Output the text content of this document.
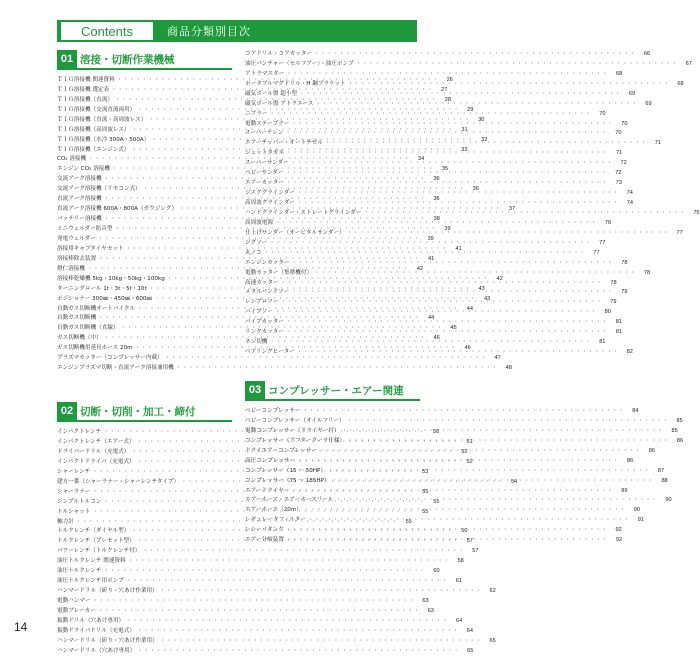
Contents	商品分類別目次
01 溶接・切断作業機械
ＴＩＧ溶接機 関連資料 ・・・・・・・・・・・・・・・・・・・・・・・・・・・・・・・・・・・・・・・・・・・・・・・・・・・・	26
ＴＩＧ溶接機 選定表 ・・・・・・・・・・・・・・・・・・・・・・・・・・・・・・・・・・・・・・・・・・・・・・・・・・・・	27
ＴＩＧ溶接機（直流） ・・・・・・・・・・・・・・・・・・・・・・・・・・・・・・・・・・・・・・・・・・・・・・・・・・・・	28
ＴＩＧ溶接機（交流直流両用） ・・・・・・・・・・・・・・・・・・・・・・・・・・・・・・・・・・・・・・・・・・・・・・・・・・・・	29
ＴＩＧ溶接機（直流・高周波レス） ・・・・・・・・・・・・・・・・・・・・・・・・・・・・・・・・・・・・・・・・・・・・・・・・・・・・	30
ＴＩＧ溶接機（高周波レス） ・・・・・・・・・・・・・・・・・・・・・・・・・・・・・・・・・・・・・・・・・・・・・・・・・・・・	31
ＴＩＧ溶接機（水冷 300A・500A） ・・・・・・・・・・・・・・・・・・・・・・・・・・・・・・・・・・・・・・・・・・・・・・・・・・・・	32
ＴＩＧ溶接機（エンジン式） ・・・・・・・・・・・・・・・・・・・・・・・・・・・・・・・・・・・・・・・・・・・・・・・・・・・・	33
CO₂ 溶接機 ・・・・・・・・・・・・・・・・・・・・・・・・・・・・・・・・・・・・・・・・・・・・・・・・・・・・	34
エンジン CO₂ 溶接機 ・・・・・・・・・・・・・・・・・・・・・・・・・・・・・・・・・・・・・・・・・・・・・・・・・・・・	35
交流アーク溶接機 ・・・・・・・・・・・・・・・・・・・・・・・・・・・・・・・・・・・・・・・・・・・・・・・・・・・・	36
交流アーク溶接機（リモコン式） ・・・・・・・・・・・・・・・・・・・・・・・・・・・・・・・・・・・・・・・・・・・・・・・・・・・・	36
直流アーク溶接機 ・・・・・・・・・・・・・・・・・・・・・・・・・・・・・・・・・・・・・・・・・・・・・・・・・・・・	36
直流アーク溶接機 600A・800A（ガウジング） ・・・・・・・・・・・・・・・・・・・・・・・・・・・・・・・・・・・・・・・・・・・・・・・・・・・・	37
バッテリー溶接機 ・・・・・・・・・・・・・・・・・・・・・・・・・・・・・・・・・・・・・・・・・・・・・・・・・・・・	38
ミニウェルダー防音型 ・・・・・・・・・・・・・・・・・・・・・・・・・・・・・・・・・・・・・・・・・・・・・・・・・・・・	39
発電ウェルダー ・・・・・・・・・・・・・・・・・・・・・・・・・・・・・・・・・・・・・・・・・・・・・・・・・・・・	39
溶接用キャブタイヤセット ・・・・・・・・・・・・・・・・・・・・・・・・・・・・・・・・・・・・・・・・・・・・・・・・・・・・	41
溶接棒除去装置 ・・・・・・・・・・・・・・・・・・・・・・・・・・・・・・・・・・・・・・・・・・・・・・・・・・・・	41
燈仁溶接機 ・・・・・・・・・・・・・・・・・・・・・・・・・・・・・・・・・・・・・・・・・・・・・・・・・・・・	42
溶接棒乾燥機 5kg・10kg・50kg・100kg ・・・・・・・・・・・・・・・・・・・・・・・・・・・・・・・・・・・・・・・・・・・・・・・・・・・・	42
ターニングロール 1t・3t・5t・10t ・・・・・・・・・・・・・・・・・・・・・・・・・・・・・・・・・・・・・・・・・・・・・・・・・・・・	43
ポジショナー 300㎜・450㎜・600㎜ ・・・・・・・・・・・・・・・・・・・・・・・・・・・・・・・・・・・・・・・・・・・・・・・・・・・・	43
自動ガス切断機オートバイクル ・・・・・・・・・・・・・・・・・・・・・・・・・・・・・・・・・・・・・・・・・・・・・・・・・・・・	44
自動ガス切断機 ・・・・・・・・・・・・・・・・・・・・・・・・・・・・・・・・・・・・・・・・・・・・・・・・・・・・	44
自動ガス切断機（直線） ・・・・・・・・・・・・・・・・・・・・・・・・・・・・・・・・・・・・・・・・・・・・・・・・・・・・	45
ガス切断機（中） ・・・・・・・・・・・・・・・・・・・・・・・・・・・・・・・・・・・・・・・・・・・・・・・・・・・・	46
ガス切断機用延長ホース 20m ・・・・・・・・・・・・・・・・・・・・・・・・・・・・・・・・・・・・・・・・・・・・・・・・・・・・	46
プラズマカッター（コンプレッサー内蔵） ・・・・・・・・・・・・・・・・・・・・・・・・・・・・・・・・・・・・・・・・・・・・・・・・・・・・	47
エンジンプラズマ切断・直流アーク溶接兼用機 ・・・・・・・・・・・・・・・・・・・・・・・・・・・・・・・・・・・・・・・・・・・・・・・・・・・・	48
02 切断・切削・加工・締付
インパクトレンチ ・・・・・・・・・・・・・・・・・・・・・・・・・・・・・・・・・・・・・・・・・・・・・・・・・・・・	50
インパクトレンチ（エアー式） ・・・・・・・・・・・・・・・・・・・・・・・・・・・・・・・・・・・・・・・・・・・・・・・・・・・・	51
ドライバードリル（充電式） ・・・・・・・・・・・・・・・・・・・・・・・・・・・・・・・・・・・・・・・・・・・・・・・・・・・・	52
インパクトドライバ（充電式） ・・・・・・・・・・・・・・・・・・・・・・・・・・・・・・・・・・・・・・・・・・・・・・・・・・・・	52
シャーレンチ ・・・・・・・・・・・・・・・・・・・・・・・・・・・・・・・・・・・・・・・・・・・・・・・・・・・・	53
建方一番（シャーラナー・シャーレンチタイプ） ・・・・・・・・・・・・・・・・・・・・・・・・・・・・・・・・・・・・・・・・・・・・・・・・・・・・	54
シャーラナー ・・・・・・・・・・・・・・・・・・・・・・・・・・・・・・・・・・・・・・・・・・・・・・・・・・・・	55
シンプルトルコン ・・・・・・・・・・・・・・・・・・・・・・・・・・・・・・・・・・・・・・・・・・・・・・・・・・・・	55
トルシャット ・・・・・・・・・・・・・・・・・・・・・・・・・・・・・・・・・・・・・・・・・・・・・・・・・・・・	55
軸力計 ・・・・・・・・・・・・・・・・・・・・・・・・・・・・・・・・・・・・・・・・・・・・・・・・・・・・	55
トルクレンチ（ダイヤル型） ・・・・・・・・・・・・・・・・・・・・・・・・・・・・・・・・・・・・・・・・・・・・・・・・・・・・	56
トルクレンチ（プレセット型） ・・・・・・・・・・・・・・・・・・・・・・・・・・・・・・・・・・・・・・・・・・・・・・・・・・・・	57
パワーレンチ（トルクレンチ付） ・・・・・・・・・・・・・・・・・・・・・・・・・・・・・・・・・・・・・・・・・・・・・・・・・・・・	57
油圧トルクレンチ 関連資料 ・・・・・・・・・・・・・・・・・・・・・・・・・・・・・・・・・・・・・・・・・・・・・・・・・・・・	58
油圧トルクレンチ ・・・・・・・・・・・・・・・・・・・・・・・・・・・・・・・・・・・・・・・・・・・・・・・・・・・・	60
油圧トルクレンチ用ポンプ ・・・・・・・・・・・・・・・・・・・・・・・・・・・・・・・・・・・・・・・・・・・・・・・・・・・・	61
ハンマードリル（斫り・穴あけ作業用） ・・・・・・・・・・・・・・・・・・・・・・・・・・・・・・・・・・・・・・・・・・・・・・・・・・・・	62
電動ハンマー ・・・・・・・・・・・・・・・・・・・・・・・・・・・・・・・・・・・・・・・・・・・・・・・・・・・・	63
電動ブレーカー ・・・・・・・・・・・・・・・・・・・・・・・・・・・・・・・・・・・・・・・・・・・・・・・・・・・・	63
振動ドリル（穴あけ専用） ・・・・・・・・・・・・・・・・・・・・・・・・・・・・・・・・・・・・・・・・・・・・・・・・・・・・	64
振動ドライバドリル（充電式） ・・・・・・・・・・・・・・・・・・・・・・・・・・・・・・・・・・・・・・・・・・・・・・・・・・・・	64
ハンマードリル（斫り・穴あけ作業用） ・・・・・・・・・・・・・・・・・・・・・・・・・・・・・・・・・・・・・・・・・・・・・・・・・・・・	65
ハンマードリル（穴あけ専用） ・・・・・・・・・・・・・・・・・・・・・・・・・・・・・・・・・・・・・・・・・・・・・・・・・・・・	65
コアドリル・コアカッター ・・・・・・・・・・・・・・・・・・・・・・・・・・・・・・・・・・・・・・・・・・・・・・・・・・・・	66
油圧パンチャー（セルフアー）・油圧ポンプ ・・・・・・・・・・・・・・・・・・・・・・・・・・・・・・・・・・・・・・・・・・・・・・・・・・・・	67
アトラマスター ・・・・・・・・・・・・・・・・・・・・・・・・・・・・・・・・・・・・・・・・・・・・・・・・・・・・	68
ポータブルマグドリル・H 鋼ブラケット ・・・・・・・・・・・・・・・・・・・・・・・・・・・・・・・・・・・・・・・・・・・・・・・・・・・・	68
磁気ボール盤 超小型 ・・・・・・・・・・・・・・・・・・・・・・・・・・・・・・・・・・・・・・・・・・・・・・・・・・・・	69
磁気ボール盤 アトラエース ・・・・・・・・・・・・・・・・・・・・・・・・・・・・・・・・・・・・・・・・・・・・・・・・・・・・	69
ニブラー ・・・・・・・・・・・・・・・・・・・・・・・・・・・・・・・・・・・・・・・・・・・・・・・・・・・・	70
電動ステープラー ・・・・・・・・・・・・・・・・・・・・・・・・・・・・・・・・・・・・・・・・・・・・・・・・・・・・	70
スーパーケレン ・・・・・・・・・・・・・・・・・・・・・・・・・・・・・・・・・・・・・・・・・・・・・・・・・・・・	70
エアーチッパー・オートチゼル ・・・・・・・・・・・・・・・・・・・・・・・・・・・・・・・・・・・・・・・・・・・・・・・・・・・・	71
ジェットタガネ ・・・・・・・・・・・・・・・・・・・・・・・・・・・・・・・・・・・・・・・・・・・・・・・・・・・・	71
スーパーサンダー ・・・・・・・・・・・・・・・・・・・・・・・・・・・・・・・・・・・・・・・・・・・・・・・・・・・・	72
ベビーサンダー ・・・・・・・・・・・・・・・・・・・・・・・・・・・・・・・・・・・・・・・・・・・・・・・・・・・・	72
エアーカッター ・・・・・・・・・・・・・・・・・・・・・・・・・・・・・・・・・・・・・・・・・・・・・・・・・・・・	73
ジスクグラインダー ・・・・・・・・・・・・・・・・・・・・・・・・・・・・・・・・・・・・・・・・・・・・・・・・・・・・	74
高周波グラインダー ・・・・・・・・・・・・・・・・・・・・・・・・・・・・・・・・・・・・・・・・・・・・・・・・・・・・	74
ハンドグラインダー・ストレートグラインダー ・・・・・・・・・・・・・・・・・・・・・・・・・・・・・・・・・・・・・・・・・・・・・・・・・・・・	75
高周波電源 ・・・・・・・・・・・・・・・・・・・・・・・・・・・・・・・・・・・・・・・・・・・・・・・・・・・・	76
仕上げサンダー（オービタルサンダー） ・・・・・・・・・・・・・・・・・・・・・・・・・・・・・・・・・・・・・・・・・・・・・・・・・・・・	77
ジグソー ・・・・・・・・・・・・・・・・・・・・・・・・・・・・・・・・・・・・・・・・・・・・・・・・・・・・	77
丸ノコ ・・・・・・・・・・・・・・・・・・・・・・・・・・・・・・・・・・・・・・・・・・・・・・・・・・・・	77
エンジンカッター ・・・・・・・・・・・・・・・・・・・・・・・・・・・・・・・・・・・・・・・・・・・・・・・・・・・・	78
電動カッター（集塵機付） ・・・・・・・・・・・・・・・・・・・・・・・・・・・・・・・・・・・・・・・・・・・・・・・・・・・・	78
高速カッター ・・・・・・・・・・・・・・・・・・・・・・・・・・・・・・・・・・・・・・・・・・・・・・・・・・・・	78
メタルバンドソー ・・・・・・・・・・・・・・・・・・・・・・・・・・・・・・・・・・・・・・・・・・・・・・・・・・・・	79
レシプロソー ・・・・・・・・・・・・・・・・・・・・・・・・・・・・・・・・・・・・・・・・・・・・・・・・・・・・	79
パイプソー ・・・・・・・・・・・・・・・・・・・・・・・・・・・・・・・・・・・・・・・・・・・・・・・・・・・・	80
パイプカッター ・・・・・・・・・・・・・・・・・・・・・・・・・・・・・・・・・・・・・・・・・・・・・・・・・・・・	81
リンクカッター ・・・・・・・・・・・・・・・・・・・・・・・・・・・・・・・・・・・・・・・・・・・・・・・・・・・・	81
ネジ切機 ・・・・・・・・・・・・・・・・・・・・・・・・・・・・・・・・・・・・・・・・・・・・・・・・・・・・	81
ベアリングヒーター ・・・・・・・・・・・・・・・・・・・・・・・・・・・・・・・・・・・・・・・・・・・・・・・・・・・・	82
03 コンプレッサー・エアー関連
ベビーコンプレッサー ・・・・・・・・・・・・・・・・・・・・・・・・・・・・・・・・・・・・・・・・・・・・・・・・・・・・	84
ベビーコンプレッサー（オイルフリー） ・・・・・・・・・・・・・・・・・・・・・・・・・・・・・・・・・・・・・・・・・・・・・・・・・・・・	85
電動コンプレッサー（ドライヤー付） ・・・・・・・・・・・・・・・・・・・・・・・・・・・・・・・・・・・・・・・・・・・・・・・・・・・・	85
コンプレッサー（アフタークーラ仕様） ・・・・・・・・・・・・・・・・・・・・・・・・・・・・・・・・・・・・・・・・・・・・・・・・・・・・	86
ドライエアーコンプレッサー ・・・・・・・・・・・・・・・・・・・・・・・・・・・・・・・・・・・・・・・・・・・・・・・・・・・・	86
高圧コンプレッサー ・・・・・・・・・・・・・・・・・・・・・・・・・・・・・・・・・・・・・・・・・・・・・・・・・・・・	86
コンプレッサー（15 ～ 50HP） ・・・・・・・・・・・・・・・・・・・・・・・・・・・・・・・・・・・・・・・・・・・・・・・・・・・・	87
コンプレッサー（75 ～ 185HP） ・・・・・・・・・・・・・・・・・・・・・・・・・・・・・・・・・・・・・・・・・・・・・・・・・・・・	88
エアードライヤー ・・・・・・・・・・・・・・・・・・・・・・・・・・・・・・・・・・・・・・・・・・・・・・・・・・・・	89
エアーホース・エアーホースリール ・・・・・・・・・・・・・・・・・・・・・・・・・・・・・・・・・・・・・・・・・・・・・・・・・・・・	90
エアーホース（20m） ・・・・・・・・・・・・・・・・・・・・・・・・・・・・・・・・・・・・・・・・・・・・・・・・・・・・	90
レギュレータフィルター ・・・・・・・・・・・・・・・・・・・・・・・・・・・・・・・・・・・・・・・・・・・・・・・・・・・・	91
レシーバタンク ・・・・・・・・・・・・・・・・・・・・・・・・・・・・・・・・・・・・・・・・・・・・・・・・・・・・	92
エアー分岐装置 ・・・・・・・・・・・・・・・・・・・・・・・・・・・・・・・・・・・・・・・・・・・・・・・・・・・・	92
14
